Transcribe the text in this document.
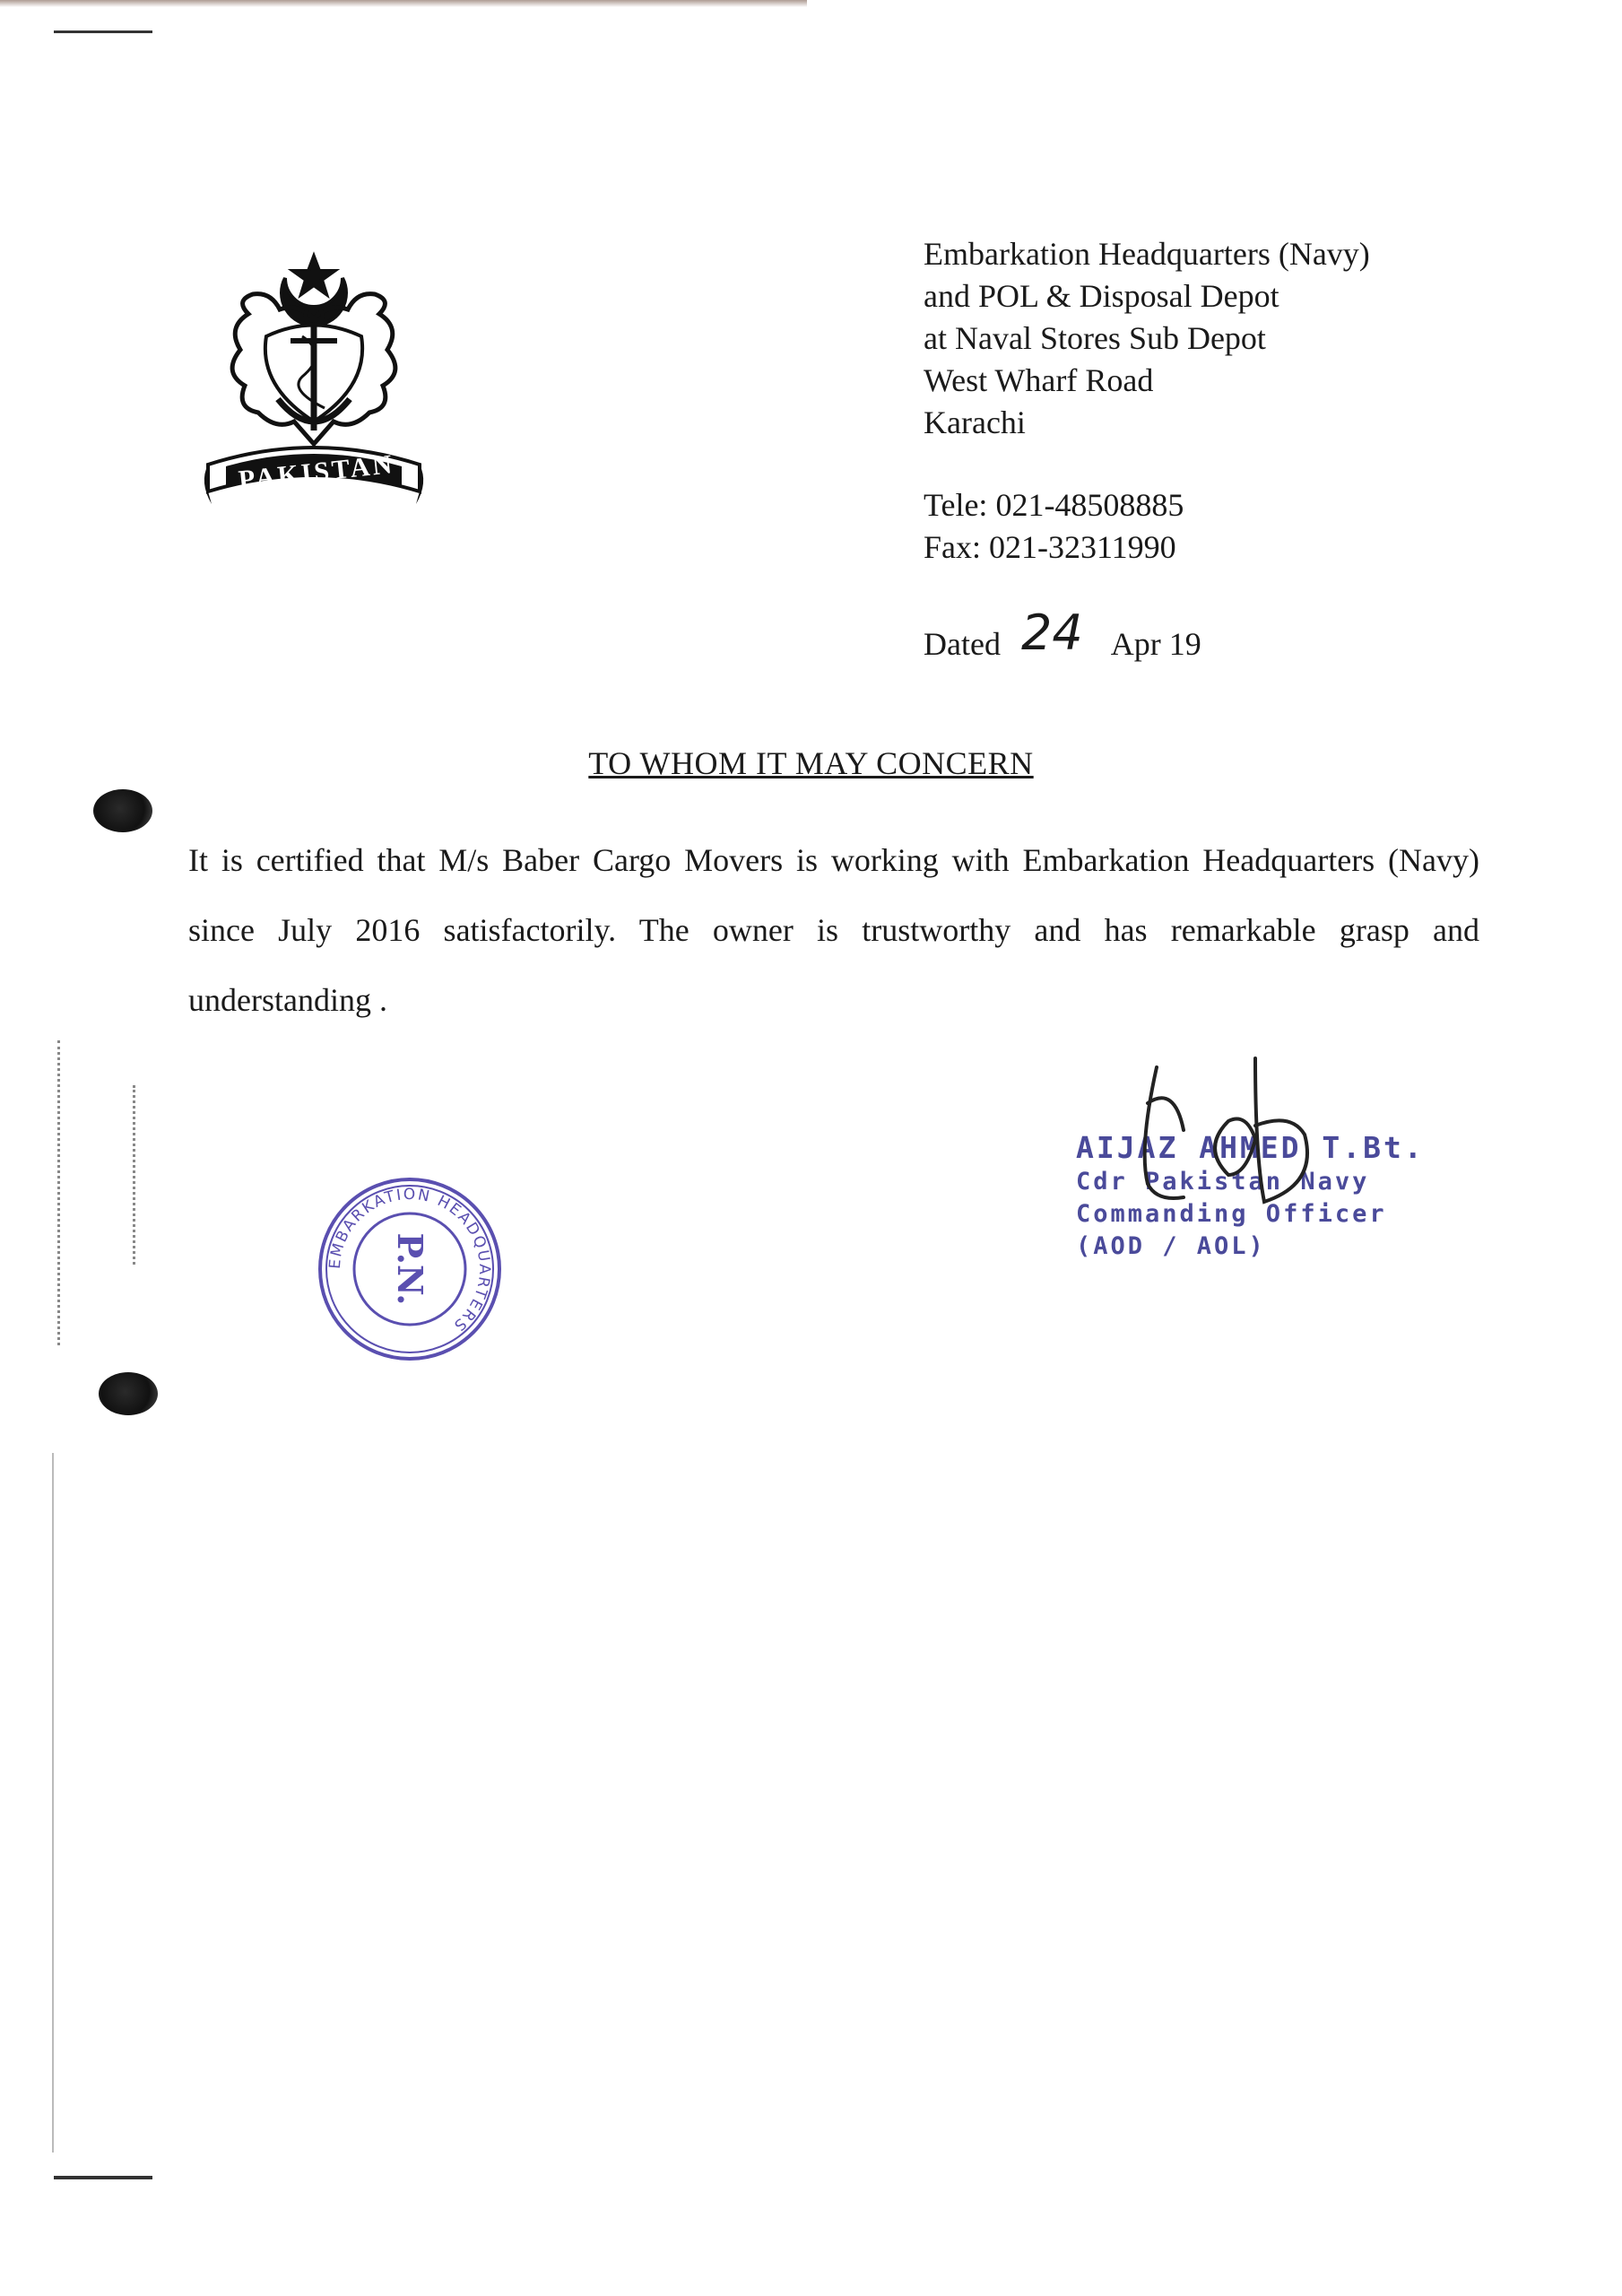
PAKISTAN
Embarkation Headquarters (Navy)
and POL & Disposal Depot
at Naval Stores Sub Depot
West Wharf Road
Karachi
Tele: 021-48508885
Fax: 021-32311990
Dated 24 Apr 19
TO WHOM IT MAY CONCERN
It is certified that M/s Baber Cargo Movers is working with Embarkation Headquarters (Navy) since July 2016 satisfactorily. The owner is trustworthy and has remarkable grasp and understanding .
EMBARKATION HEADQUARTERS
P.N.
AIJAZ AHMED T.Bt.
Cdr Pakistan Navy
Commanding Officer
(AOD / AOL)
